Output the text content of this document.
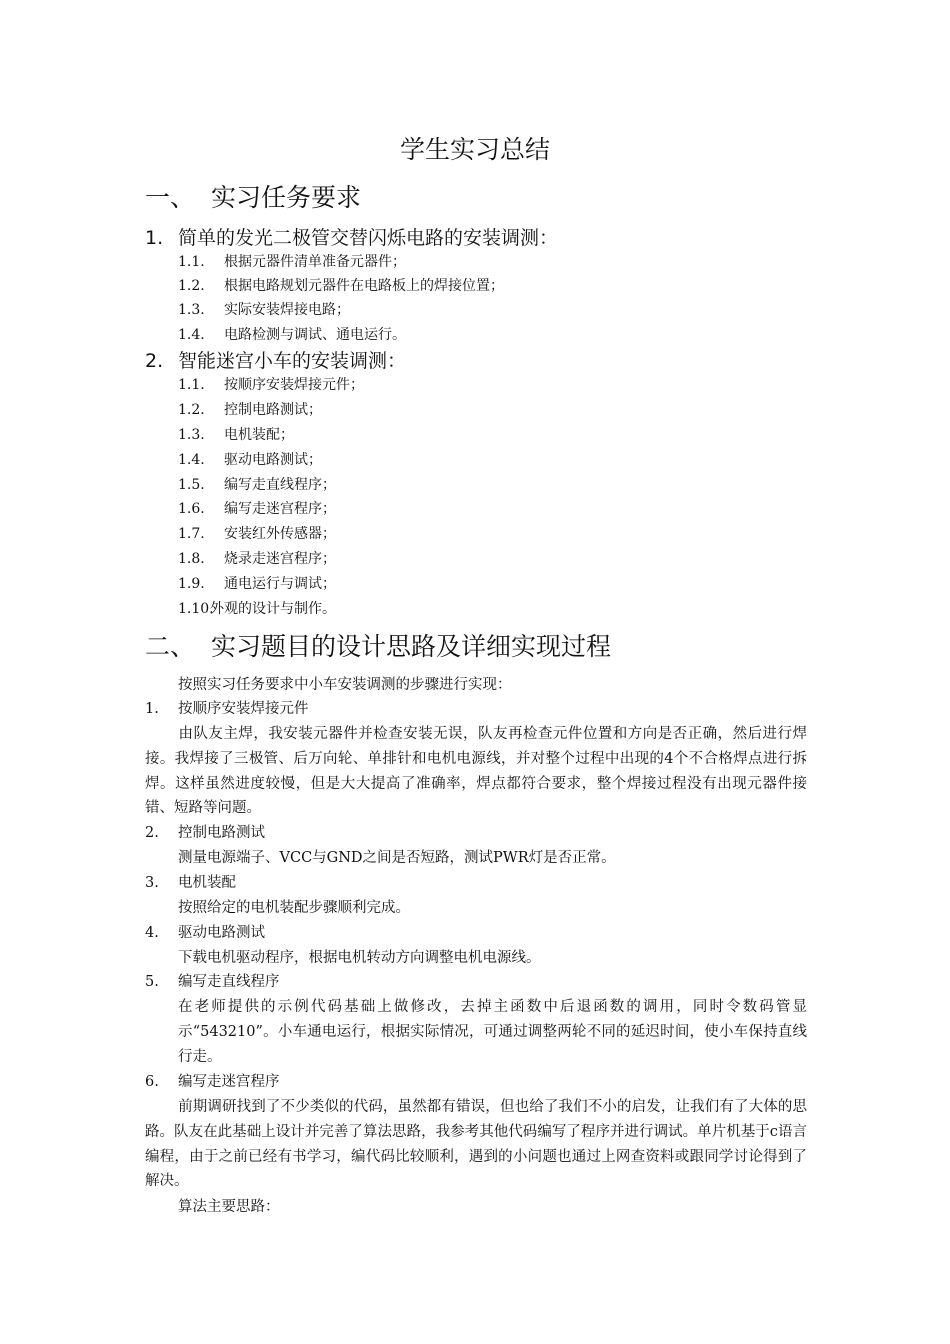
学生实习总结
一、 实习任务要求
1. 简单的发光二极管交替闪烁电路的安装调测：
1.1. 根据元器件清单准备元器件；
1.2. 根据电路规划元器件在电路板上的焊接位置；
1.3. 实际安装焊接电路；
1.4. 电路检测与调试、通电运行。
2. 智能迷宫小车的安装调测：
1.1. 按顺序安装焊接元件；
1.2. 控制电路测试；
1.3. 电机装配；
1.4. 驱动电路测试；
1.5. 编写走直线程序；
1.6. 编写走迷宫程序；
1.7. 安装红外传感器；
1.8. 烧录走迷宫程序；
1.9. 通电运行与调试；
1.10.外观的设计与制作。
二、 实习题目的设计思路及详细实现过程
按照实习任务要求中小车安装调测的步骤进行实现：
1. 按顺序安装焊接元件

由队友主焊，我安装元器件并检查安装无误，队友再检查元件位置和方向是否正确，然后进行焊接。我焊接了三极管、后万向轮、单排针和电机电源线，并对整个过程中出现的4个不合格焊点进行拆焊。这样虽然进度较慢，但是大大提高了准确率，焊点都符合要求，整个焊接过程没有出现元器件接错、短路等问题。

2. 控制电路测试
测量电源端子、VCC与GND之间是否短路，测试PWR灯是否正常。
3. 电机装配
按照给定的电机装配步骤顺利完成。
4. 驱动电路测试
下载电机驱动程序，根据电机转动方向调整电机电源线。
5. 编写走直线程序

在老师提供的示例代码基础上做修改，去掉主函数中后退函数的调用，同时令数码管显示“543210”。小车通电运行，根据实际情况，可通过调整两轮不同的延迟时间，使小车保持直线行走。

6. 编写走迷宫程序

前期调研找到了不少类似的代码，虽然都有错误，但也给了我们不小的启发，让我们有了大体的思路。队友在此基础上设计并完善了算法思路，我参考其他代码编写了程序并进行调试。单片机基于c语言编程，由于之前已经有书学习，编代码比较顺利，遇到的小问题也通过上网查资料或跟同学讨论得到了解决。

算法主要思路：
